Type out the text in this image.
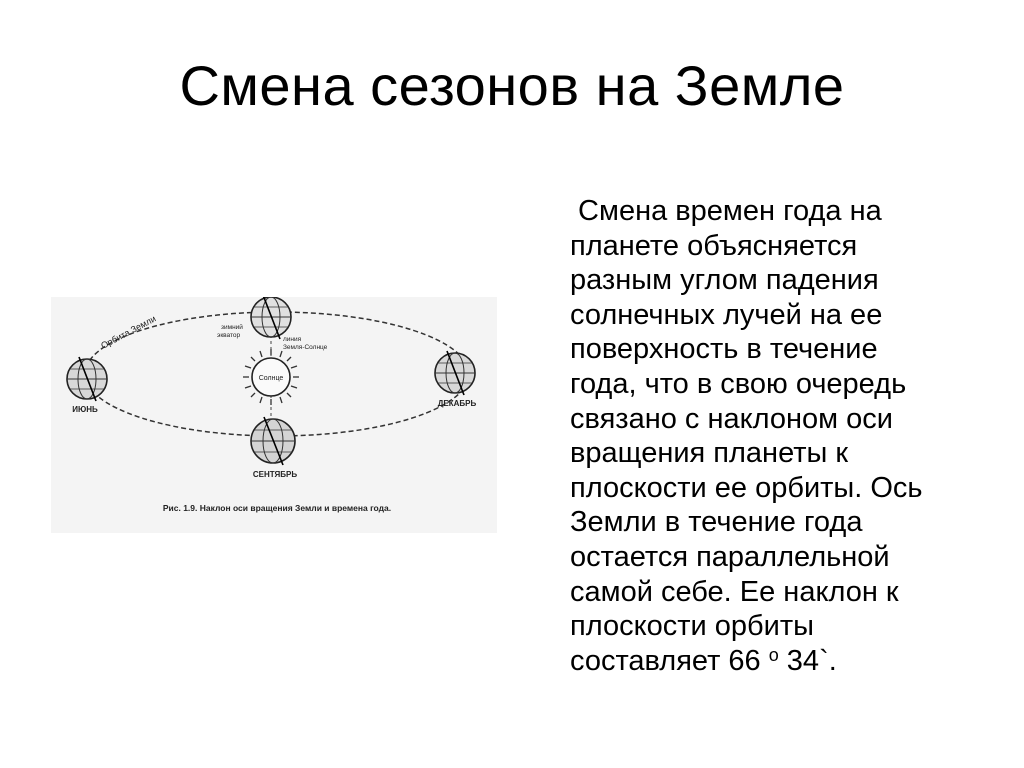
Смена сезонов на Земле
Орбита Земли	зимний
экватор
линия
Земля-Солнце
Солнце
ИЮНЬ
ДЕКАБРЬ
СЕНТЯБРЬ
Рис. 1.9. Наклон оси вращения Земли и времена года.
Смена времен года на
планете объясняется
разным углом падения
солнечных лучей на ее
поверхность в течение
года, что в свою очередь
связано с наклоном оси
вращения планеты к
плоскости ее орбиты. Ось
Земли в течение года
остается параллельной
самой себе. Ее наклон к
плоскости орбиты
составляет 66 $^o$ 34`.
